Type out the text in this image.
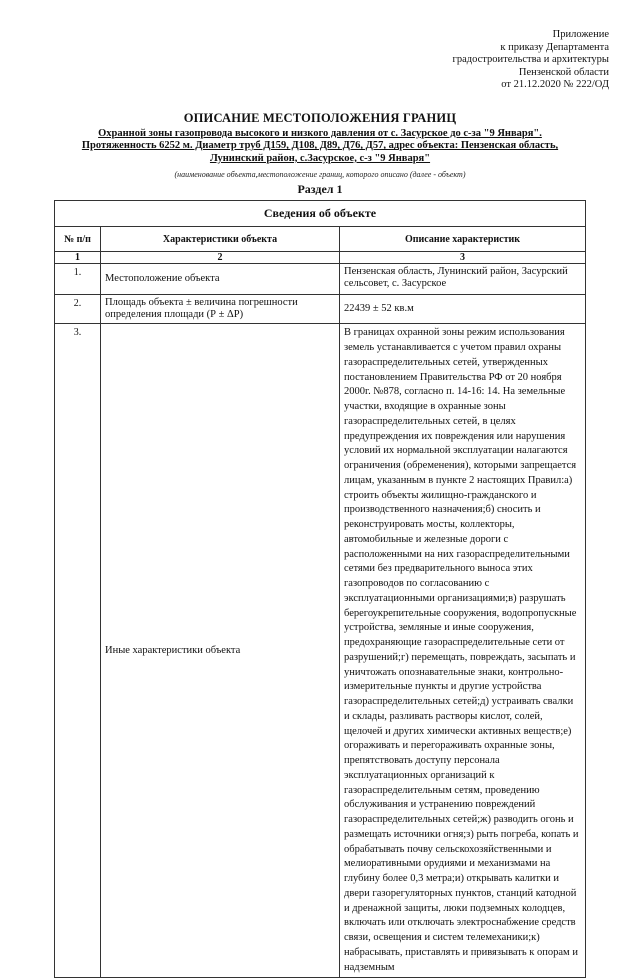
Приложение
к приказу Департамента
градостроительства и архитектуры
Пензенской области
от 21.12.2020 № 222/ОД
ОПИСАНИЕ МЕСТОПОЛОЖЕНИЯ ГРАНИЦ
Охранной зоны газопровода высокого и низкого давления от с. Засурское до с-за "9 Января".
Протяженность 6252 м. Диаметр труб Д159, Д108, Д89, Д76, Д57, адрес объекта: Пензенская область,
Лунинский район, с.Засурское, с-з "9 Января"
(наименование объекта,местоположение границ, которого описано (далее - объект)
Раздел 1
Сведения об объекте		
№ п/п	Характеристики объекта	Описание характеристик
1	2	3
1.	Местоположение объекта	Пензенская область, Лунинский район, Засурский сельсовет, с. Засурское
2.	Площадь объекта ± величина погрешности определения площади (Р ± ΔР)	22439 ± 52 кв.м
3.	Иные характеристики объекта	В границах охранной зоны режим использования земель устанавливается с учетом правил охраны газораспределительных сетей, утвержденных постановлением Правительства РФ от 20 ноября 2000г. №878, согласно п. 14-16: 14. На земельные участки, входящие в охранные зоны газораспределительных сетей, в целях предупреждения их повреждения или нарушения условий их нормальной эксплуатации налагаются ограничения (обременения), которыми запрещается лицам, указанным в пункте 2 настоящих Правил:а) строить объекты жилищно-гражданского и производственного назначения;б) сносить и реконструировать мосты, коллекторы, автомобильные и железные дороги с расположенными на них газораспределительными сетями без предварительного выноса этих газопроводов по согласованию с эксплуатационными организациями;в) разрушать берегоукрепительные сооружения, водопропускные устройства, земляные и иные сооружения, предохраняющие газораспределительные сети от разрушений;г) перемещать, повреждать, засыпать и уничтожать опознавательные знаки, контрольно-измерительные пункты и другие устройства газораспределительных сетей;д) устраивать свалки и склады, разливать растворы кислот, солей, щелочей и других химически активных веществ;е) огораживать и перегораживать охранные зоны, препятствовать доступу персонала эксплуатационных организаций к газораспределительным сетям, проведению обслуживания и устранению повреждений газораспределительных сетей;ж) разводить огонь и размещать источники огня;з) рыть погреба, копать и обрабатывать почву сельскохозяйственными и мелиоративными орудиями и механизмами на глубину более 0,3 метра;и) открывать калитки и двери газорегуляторных пунктов, станций катодной и дренажной защиты, люки подземных колодцев, включать или отключать электроснабжение средств связи, освещения и систем телемеханики;к) набрасывать, приставлять и привязывать к опорам и надземным
